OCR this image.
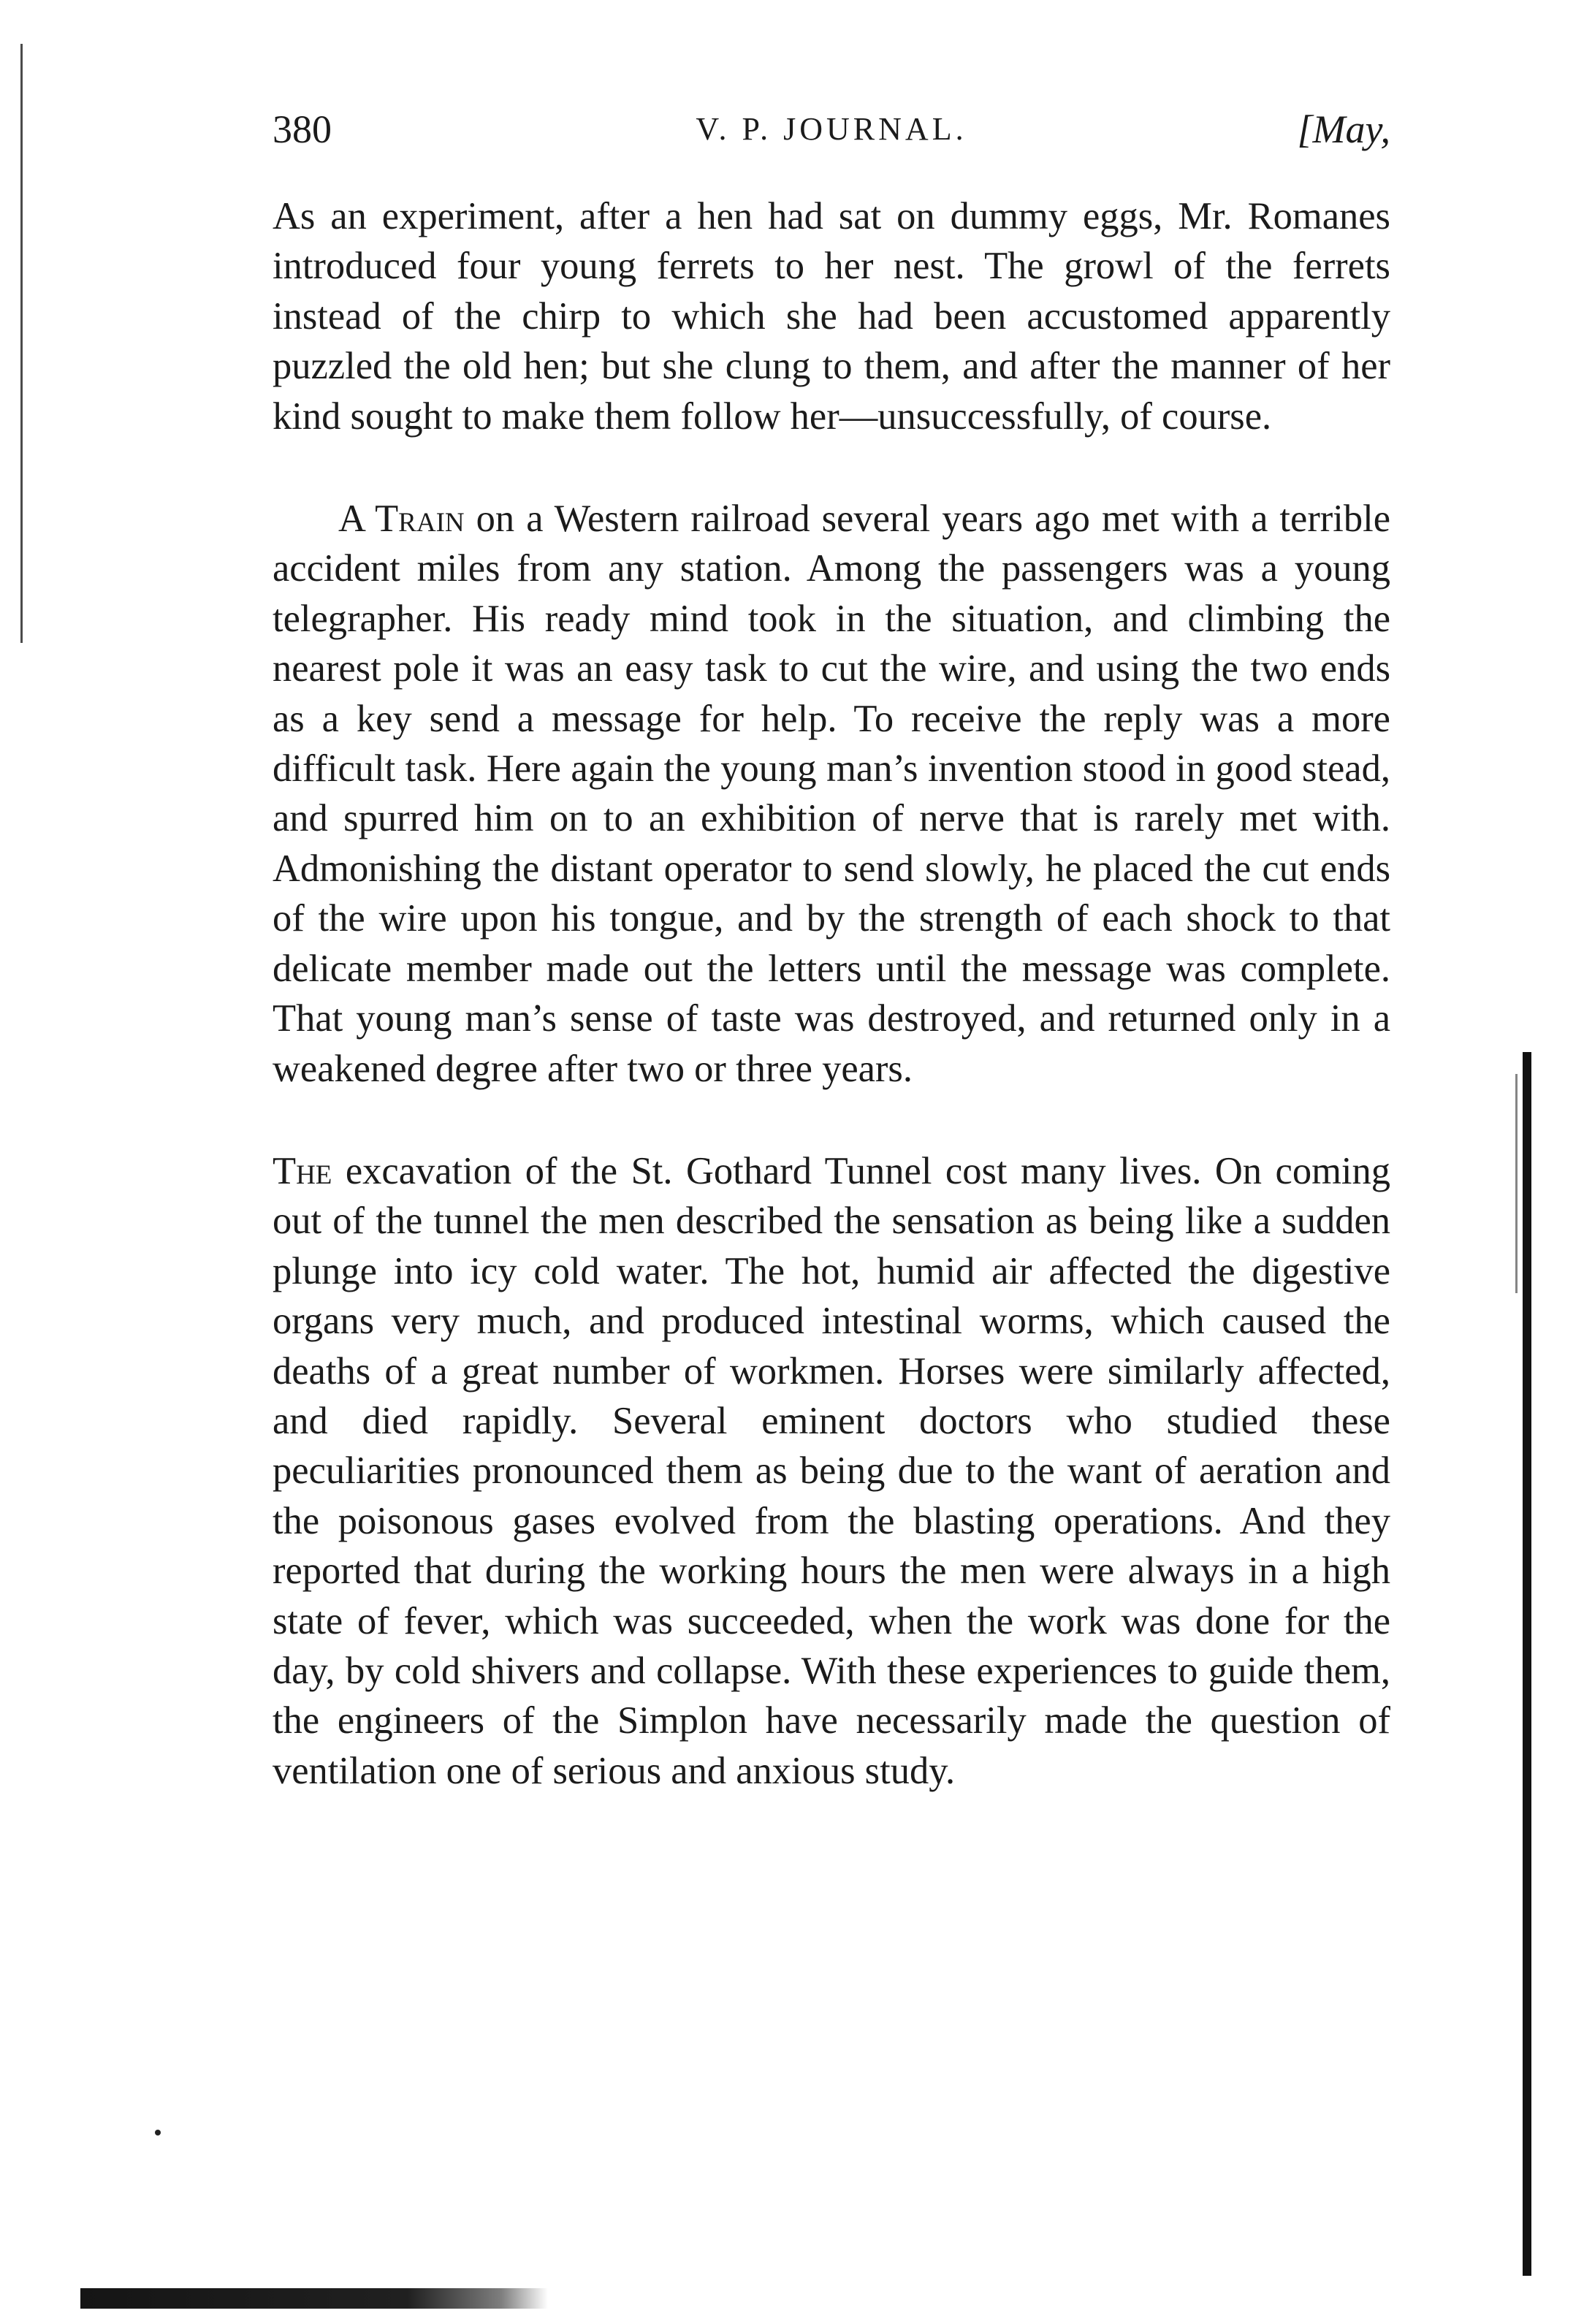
380	V. P. JOURNAL.	[May,

As an experiment, after a hen had sat on dummy eggs, Mr. Romanes introduced four young ferrets to her nest. The growl of the ferrets instead of the chirp to which she had been accustomed apparently puzzled the old hen; but she clung to them, and after the manner of her kind sought to make them follow her—unsuccessfully, of course.

A Train on a Western railroad several years ago met with a terrible accident miles from any station. Among the passengers was a young telegrapher. His ready mind took in the situation, and climbing the nearest pole it was an easy task to cut the wire, and using the two ends as a key send a message for help. To receive the reply was a more difficult task. Here again the young man’s invention stood in good stead, and spurred him on to an exhibition of nerve that is rarely met with. Admonishing the distant operator to send slowly, he placed the cut ends of the wire upon his tongue, and by the strength of each shock to that delicate member made out the letters until the message was complete. That young man’s sense of taste was destroyed, and returned only in a weakened degree after two or three years.

The excavation of the St. Gothard Tunnel cost many lives. On coming out of the tunnel the men described the sensation as being like a sudden plunge into icy cold water. The hot, humid air affected the digestive organs very much, and produced intestinal worms, which caused the deaths of a great number of workmen. Horses were similarly affected, and died rapidly. Several eminent doctors who studied these peculiarities pronounced them as being due to the want of aeration and the poisonous gases evolved from the blasting operations. And they reported that during the working hours the men were always in a high state of fever, which was succeeded, when the work was done for the day, by cold shivers and collapse. With these experiences to guide them, the engineers of the Simplon have necessarily made the question of ventilation one of serious and anxious study.
